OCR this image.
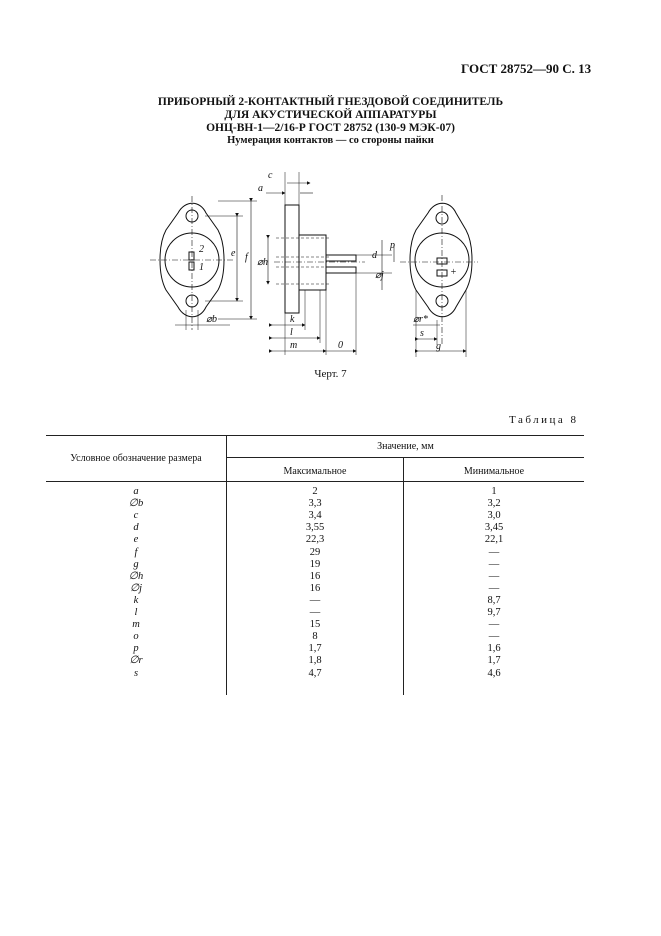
ГОСТ 28752—90 С. 13
ПРИБОРНЫЙ 2-КОНТАКТНЫЙ ГНЕЗДОВОЙ СОЕДИНИТЕЛЬ
ДЛЯ АКУСТИЧЕСКОЙ АППАРАТУРЫ
ОНЦ-ВН-1—2/16-Р ГОСТ 28752 (130-9 МЭК-07)
Нумерация контактов — со стороны пайки
2
1
e f
⌀b
c
a
⌀h
k
l
m	0
d
⌀j
p
⌀r*
s
g
+
Черт. 7
Таблица 8
Условное обозначение размера
Значение, мм
Максимальное	Минимальное
a	2	1
∅b	3,3	3,2
c	3,4	3,0
d	3,55	3,45
e	22,3	22,1
f	29	—
g	19	—
∅h	16	—
∅j	16	—
k	—	8,7
l	—	9,7
m	15	—
o	8	—
p	1,7	1,6
∅r	1,8	1,7
s	4,7	4,6
